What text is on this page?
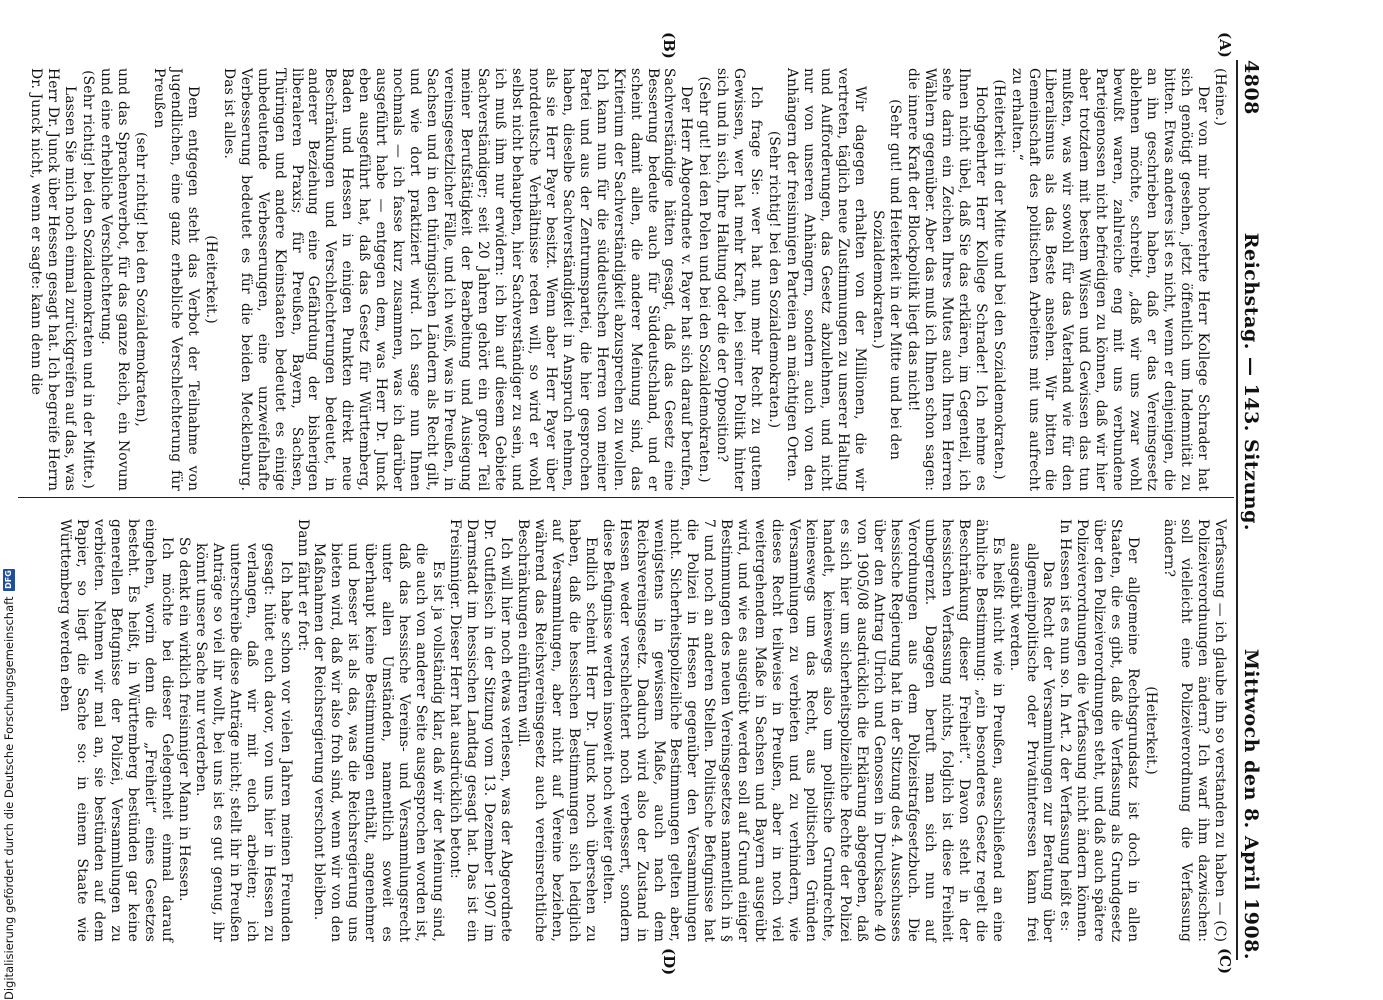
4808
Reichstag. — 143. Sitzung.
Mittwoch den 8. April 1908.
(A)
(B)
(C)
(D)

(Heine.)

Der von mir hochverehrte Herr Kollege Schrader hat sich genötigt gesehen, jetzt öffentlich um Indemnität zu bitten. Etwas anderes ist es nicht, wenn er denjenigen, die an ihn geschrieben haben, daß er das Vereinsgesetz ablehnen möchte, schreibt, „daß wir uns zwar wohl bewußt waren, zahlreiche eng mit uns verbundene Parteigenossen nicht befriedigen zu können, daß wir hier aber trotzdem mit bestem Wissen und Gewissen das tun mußten, was wir sowohl für das Vaterland wie für den Liberalismus als das Beste ansehen. Wir bitten die Gemeinschaft des politischen Arbeitens mit uns aufrecht zu erhalten.“

(Heiterkeit in der Mitte und bei den Sozialdemokraten.)

Hochgeehrter Herr Kollege Schrader! Ich nehme es Ihnen nicht übel, daß Sie das erklären, im Gegenteil, ich sehe darin ein Zeichen Ihres Mutes auch Ihren Herren Wählern gegenüber. Aber das muß ich Ihnen schon sagen: die innere Kraft der Blockpolitik liegt das nicht!

(Sehr gut! und Heiterkeit in der Mitte und bei den Sozialdemokraten.)

Wir dagegen erhalten von der Millionen, die wir vertreten, täglich neue Zustimmungen zu unserer Haltung und Aufforderungen, das Gesetz abzulehnen, und nicht nur von unseren Anhängern, sondern auch von den Anhängern der freisinnigen Parteien an mächtigen Orten.

(Sehr richtig! bei den Sozialdemokraten.)

Ich frage Sie: wer hat nun mehr Recht zu gutem Gewissen, wer hat mehr Kraft, bei seiner Politik hinter sich und in sich, Ihre Haltung oder die der Opposition?

(Sehr gut! bei den Polen und bei den Sozialdemokraten.)

Der Herr Abgeordnete v. Payer hat sich darauf berufen, Sachverständige hätten gesagt, daß das Gesetz eine Besserung bedeute auch für Süddeutschland, und er scheint damit allen, die anderer Meinung sind, das Kriterium der Sachverständigkeit abzusprechen zu wollen. Ich kann nun für die süddeutschen Herren von meiner Partei und aus der Zentrumspartei, die hier gesprochen haben, dieselbe Sachverständigkeit in Anspruch nehmen, als sie Herr Payer besitzt. Wenn aber Herr Payer über norddeutsche Verhältnisse reden will, so wird er wohl selbst nicht behaupten, hier Sachverständiger zu sein, und ich muß ihm nur erwidern: ich bin auf diesem Gebiete Sachverständiger; seit 20 Jahren gehört ein großer Teil meiner Berufstätigkeit der Bearbeitung und Ausiegung vereinsgesetzlicher Fälle, und ich weiß, was in Preußen, in Sachsen und in den thüringischen Ländern als Recht gilt, und wie dort praktiziert wird. Ich sage nun Ihnen nochmals — ich fasse kurz zusammen, was ich darüber ausgeführt habe — entgegen dem, was Herr Dr. Junck eben ausgeführt hat, daß das Gesetz für Württemberg, Baden und Hessen in einigen Punkten direkt neue Beschränkungen und Verschlechterungen bedeutet, in anderer Beziehung eine Gefährdung der bisherigen liberaleren Praxis; für Preußen, Bayern, Sachsen, Thüringen und andere Kleinstaaten bedeutet es einige unbedeutende Verbesserungen, eine unzweifelhafte Verbesserung bedeutet es für die beiden Mecklenburg. Das ist alles.

(Heiterkeit.)

Dem entgegen steht das Verbot der Teilnahme von Jugendlichen, eine ganz erhebliche Verschlechterung für Preußen

(sehr richtig! bei den Sozialdemokraten),

und das Sprachenverbot, für das ganze Reich, ein Novum und eine erhebliche Verschlechterung.

(Sehr richtig! bei den Sozialdemokraten und in der Mitte.)

Lassen Sie mich noch einmal zurückgreifen auf das, was Herr Dr. Junck über Hessen gesagt hat. Ich begreife Herrn Dr. Junck nicht, wenn er sagte: kann denn die

Verfassung — ich glaube ihn so verstanden zu haben — (C) Polizeiverordnungen ändern? Ich warf ihm dazwischen: soll vielleicht eine Polizeiverordnung die Verfassung ändern?

(Heiterkeit.)

Der allgemeine Rechtsgrundsatz ist doch in allen Staaten, die es gibt, daß die Verfassung als Grundgesetz über den Polizeiverordnungen steht, und daß auch spätere Polizeiverordnungen die Verfassung nicht ändern können. In Hessen ist es nun so. In Art. 2 der Verfassung heißt es:

Das Recht der Versammlungen zur Beratung über allgemeinpolitische oder Privatinteressen kann frei ausgeübt werden.

Es heißt nicht wie in Preußen, ausschließend an eine ähnliche Bestimmung: „ein besonderes Gesetz regelt die Beschränkung dieser Freiheit“. Davon steht in der hessischen Verfassung nichts, folglich ist diese Freiheit unbegrenzt. Dagegen beruft man sich nun auf Verordnungen aus dem Polizeistrafgesetzbuch. Die hessische Regierung hat in der Sitzung des 4. Ausschusses über den Antrag Ulrich und Genossen in Drucksache 40 von 1905/08 ausdrücklich die Erklärung abgegeben, daß es sich hier um sicherheitspolizeiliche Rechte der Polizei handelt, keineswegs also um politische Grundrechte, keineswegs um das Recht, aus politischen Gründen Versammlungen zu verbieten und zu verhindern, wie dieses Recht teilweise in Preußen, aber in noch viel weitergehendem Maße in Sachsen und Bayern ausgeübt wird, und wie es ausgeübt werden soll auf Grund einiger Bestimmungen des neuen Vereinsgesetzes namentlich in § 7 und noch an anderen Stellen. Politische Befugnisse hat die Polizei in Hessen gegenüber den Versammlungen nicht. Sicherheitspolizeiliche Bestimmungen gelten aber, wenigstens in gewissem Maße, auch nach dem Reichsvereinsgesetz. Dadurch wird also der Zustand in Hessen weder verschlechtert noch verbessert, sondern diese Befugnisse werden insoweit noch weiter gelten.

Endlich scheint Herr Dr. Junck noch übersehen zu haben, daß die hessischen Bestimmungen sich lediglich auf Versammlungen, aber nicht auf Vereine beziehen, während das Reichsvereinsgesetz auch vereinsrechtliche Beschränkungen einführen will.

Ich will hier noch etwas verlesen, was der Abgeordnete Dr. Gutfleisch in der Sitzung vom 13. Dezember 1907 im Darmstadt im hessischen Landtag gesagt hat. Das ist ein Freisinniger. Dieser Herr hat ausdrücklich betont:

Es ist ja vollständig klar, daß wir der Meinung sind, die auch von anderer Seite ausgesprochen worden ist, daß das hessische Vereins- und Versammlungsrecht unter allen Umständen, namentlich soweit es überhaupt keine Bestimmungen enthält, angenehmer und besser ist als das, was die Reichsregierung uns bieten wird, daß wir also froh sind, wenn wir von den Maßnahmen der Reichsregierung verschont bleiben.

Dann fährt er fort:

Ich habe schon vor vielen Jahren meinen Freunden gesagt: hütet euch davor, von uns hier in Hessen zu verlangen, daß wir mit euch arbeiten; ich unterschreibe diese Anträge nicht; stellt ihr in Preußen Anträge so viel ihr wollt, bei uns ist es gut genug, ihr könnt unsere Sache nur verderben.

So denkt ein wirklich freisinniger Mann in Hessen.

Ich möchte bei dieser Gelegenheit einmal darauf eingehen, worin denn die „Freiheit“ eines Gesetzes besteht. Es heißt, in Württemberg bestünden gar keine generellen Befugnisse der Polizei, Versammlungen zu verbieten. Nehmen wir mal an, sie bestünden auf dem Papier, so liegt die Sache so: in einem Staate wie Württemberg werden eben

Digitalisierung gefördert durch die Deutsche Forschungsgemeinschaft
DFG
